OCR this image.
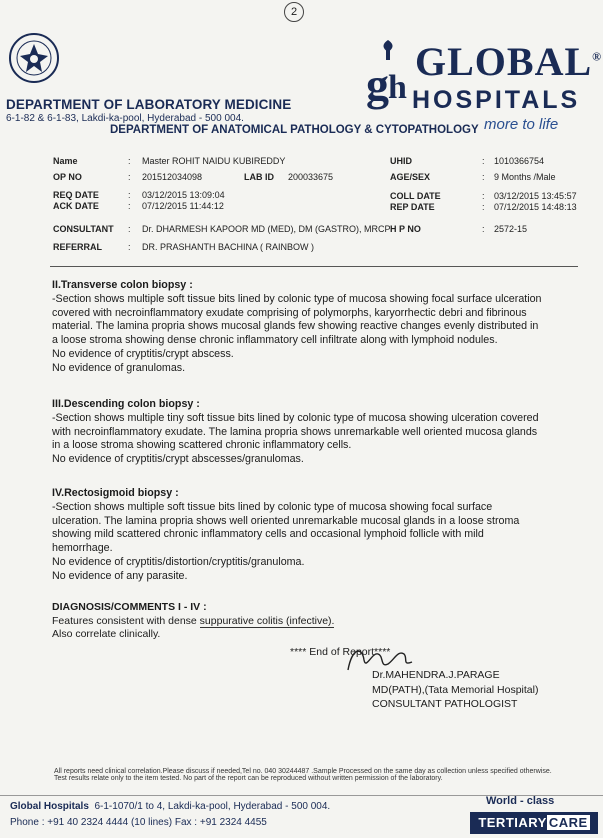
2
DEPARTMENT OF LABORATORY MEDICINE
6-1-82 & 6-1-83, Lakdi-ka-pool, Hyderabad - 500 004.
DEPARTMENT OF ANATOMICAL PATHOLOGY & CYTOPATHOLOGY
g h
GLOBAL®
HOSPITALS
more to life
Name	: Master ROHIT NAIDU KUBIREDDY	UHID	: 1010366754
OP NO	: 201512034098	LAB ID 200033675	AGE/SEX	: 9 Months /Male
REQ DATE	: 03/12/2015 13:09:04	COLL DATE	: 03/12/2015 13:45:57
ACK DATE	: 07/12/2015 11:44:12	REP DATE	: 07/12/2015 14:48:13
CONSULTANT : Dr. DHARMESH KAPOOR MD (MED), DM (GASTRO), MRCP H P NO	: 2572-15
REFERRAL	: DR. PRASHANTH BACHINA ( RAINBOW )
II.Transverse colon biopsy :
-Section shows multiple soft tissue bits lined by colonic type of mucosa showing focal surface ulceration
covered with necroinflammatory exudate comprising of polymorphs, karyorrhectic debri and fibrinous
material. The lamina propria shows mucosal glands few showing reactive changes evenly distributed in
a loose stroma showing dense chronic inflammatory cell infiltrate along with lymphoid nodules.
No evidence of cryptitis/crypt abscess.
No evidence of granulomas.
III.Descending colon biopsy :
-Section shows multiple tiny soft tissue bits lined by colonic type of mucosa showing ulceration covered
with necroinflammatory exudate. The lamina propria shows unremarkable well oriented mucosa glands
in a loose stroma showing scattered chronic inflammatory cells.
No evidence of cryptitis/crypt abscesses/granulomas.
IV.Rectosigmoid biopsy :
-Section shows multiple soft tissue bits lined by colonic type of mucosa showing focal surface
ulceration. The lamina propria shows well oriented unremarkable mucosal glands in a loose stroma
showing mild scattered chronic inflammatory cells and occasional lymphoid follicle with mild
hemorrhage.
No evidence of cryptitis/distortion/cryptitis/granuloma.
No evidence of any parasite.
DIAGNOSIS/COMMENTS I - IV :
Features consistent with dense suppurative colitis (infective).
Also correlate clinically.
**** End of Report****
Dr.MAHENDRA.J.PARAGE
MD(PATH),(Tata Memorial Hospital)
CONSULTANT PATHOLOGIST
All reports need clinical correlation.Please discuss if needed,Tel no. 040 30244487 .Sample Processed on the same day as collection unless specified otherwise. Test results relate only to the item tested. No part of the report can be reproduced without written permission of the laboratory.
Global Hospitals 6-1-1070/1 to 4, Lakdi-ka-pool, Hyderabad - 500 004.
Phone : +91 40 2324 4444 (10 lines) Fax : +91 2324 4455
World - class
TERTIARY CARE
